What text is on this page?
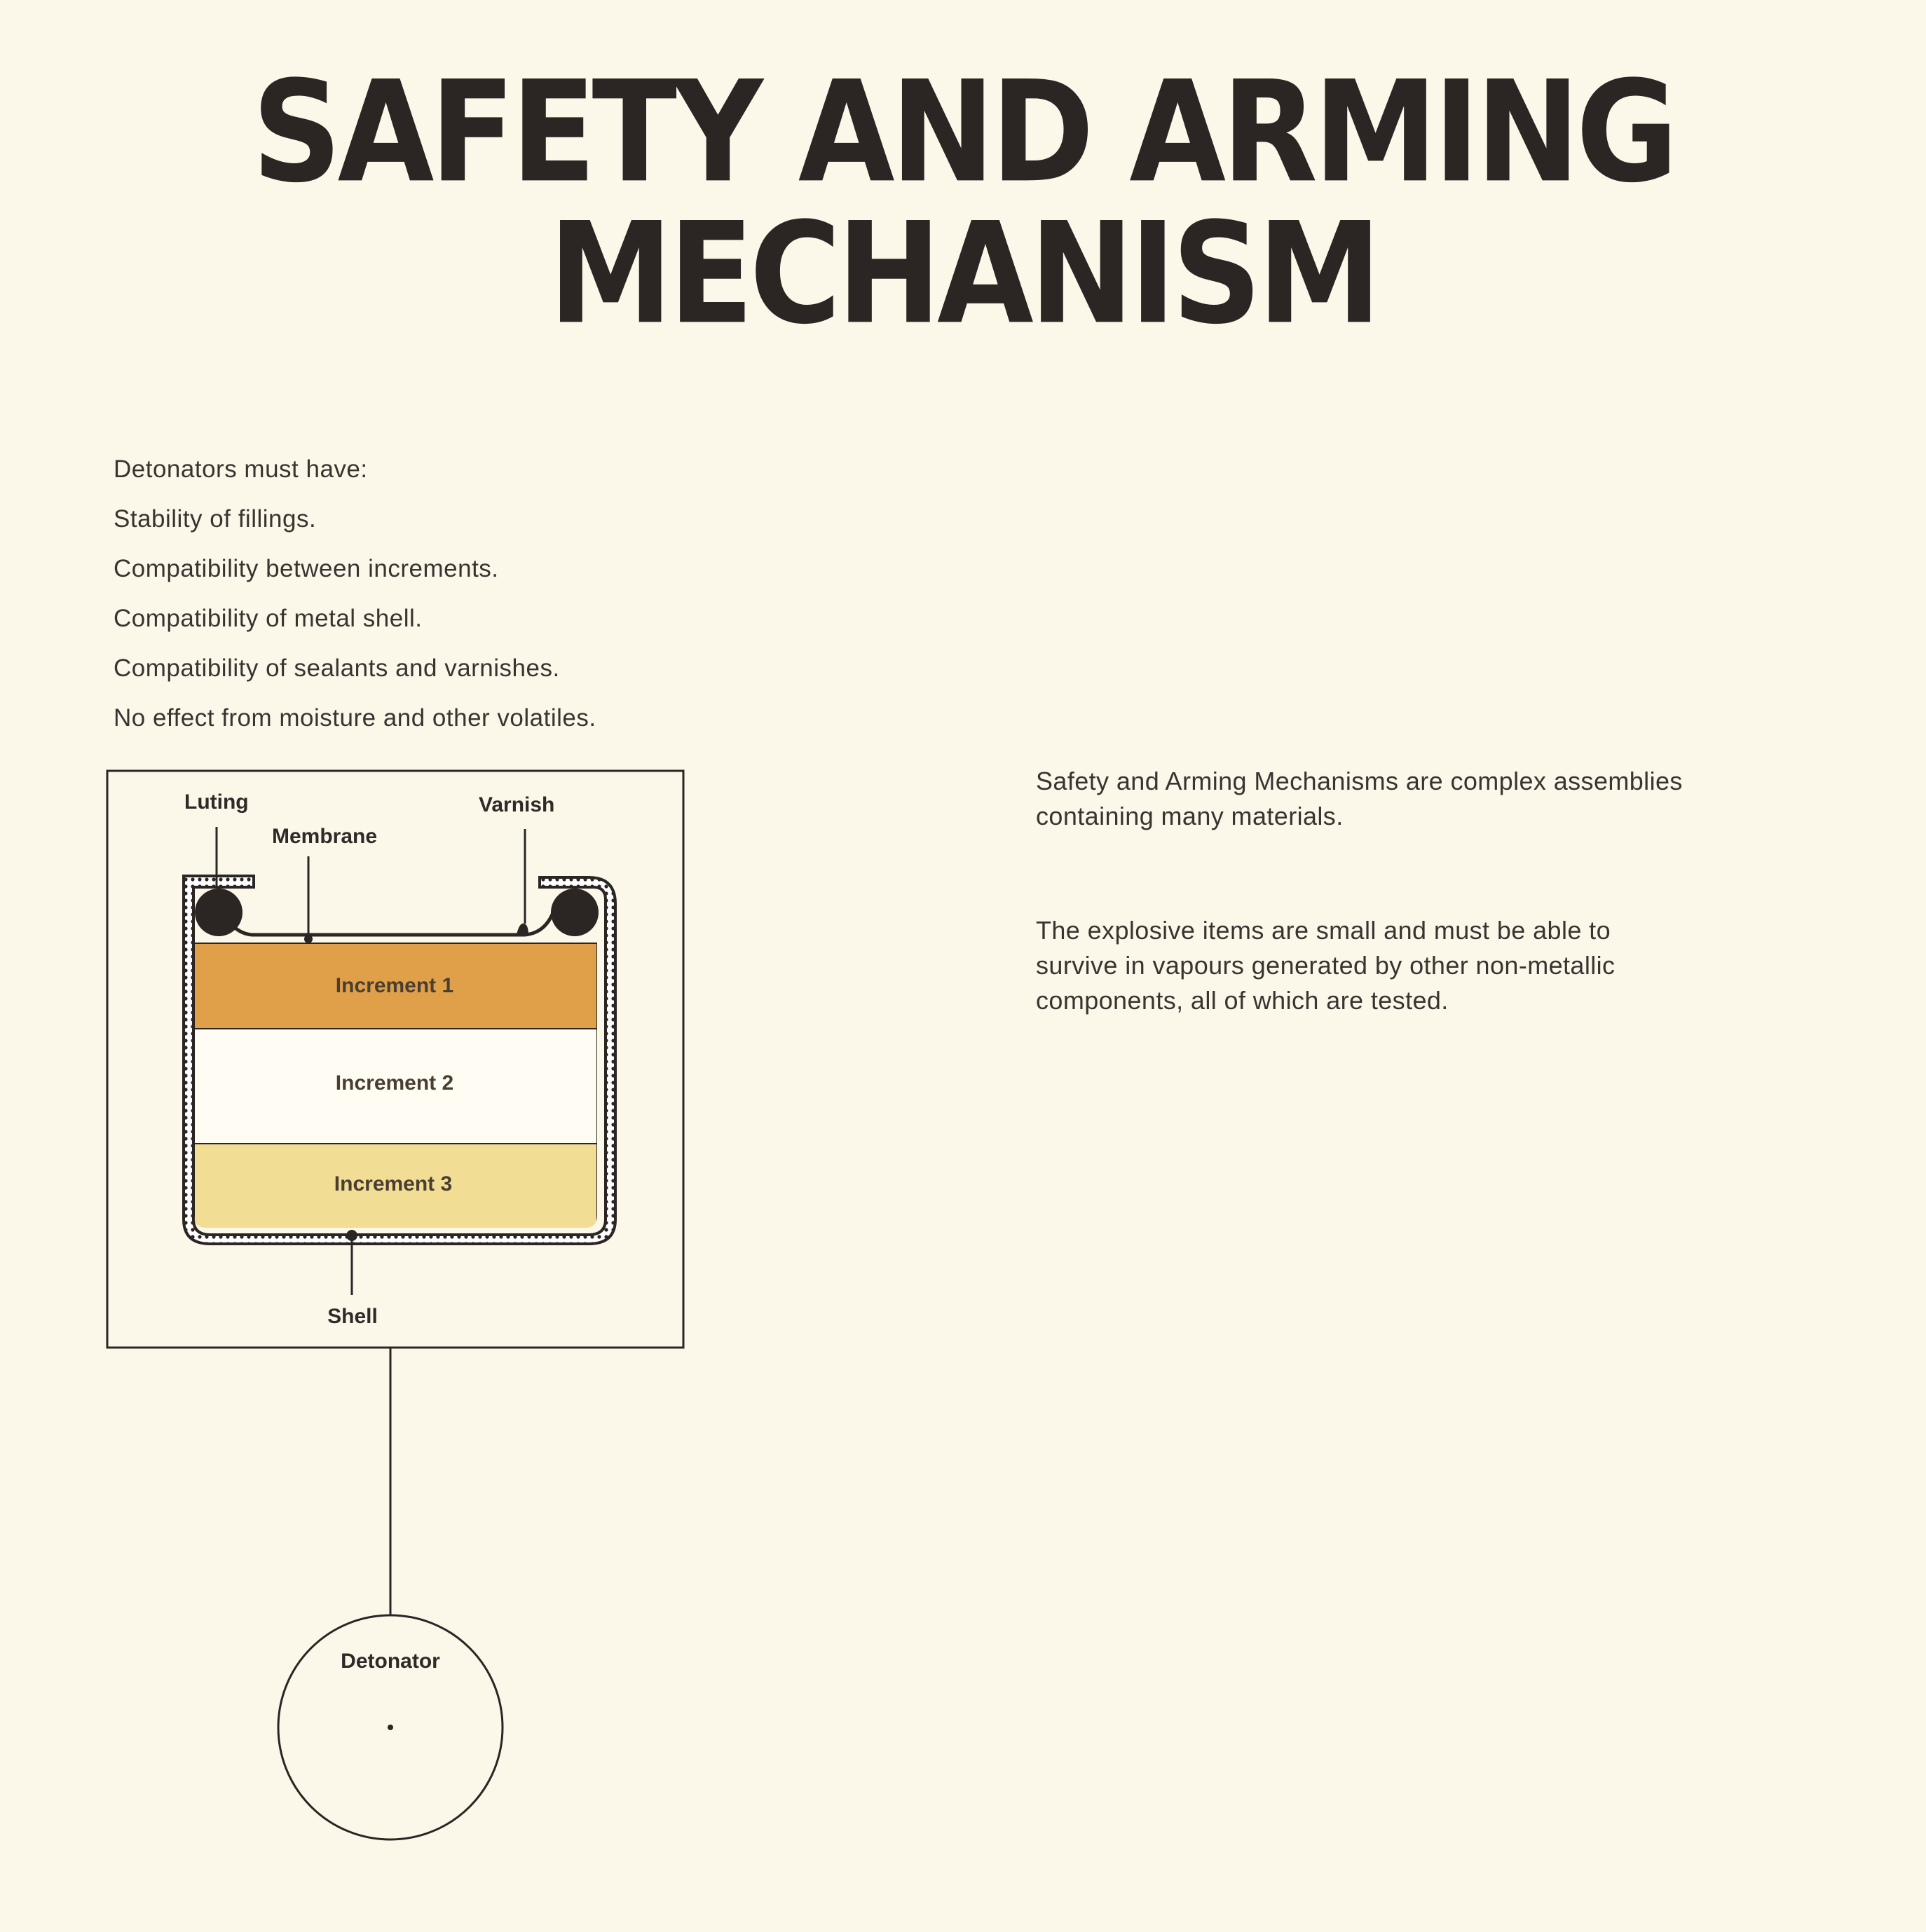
SAFETY AND ARMING
MECHANISM
Detonators must have:
Stability of fillings.
Compatibility between increments.
Compatibility of metal shell.
Compatibility of sealants and varnishes.
No effect from moisture and other volatiles.
Safety and Arming Mechanisms are complex assemblies
containing many materials.
The explosive items are small and must be able to
survive in vapours generated by other non-metallic
components, all of which are tested.
Luting
Membrane
Varnish
Increment 1
Increment 2
Increment 3
Shell
Detonator
